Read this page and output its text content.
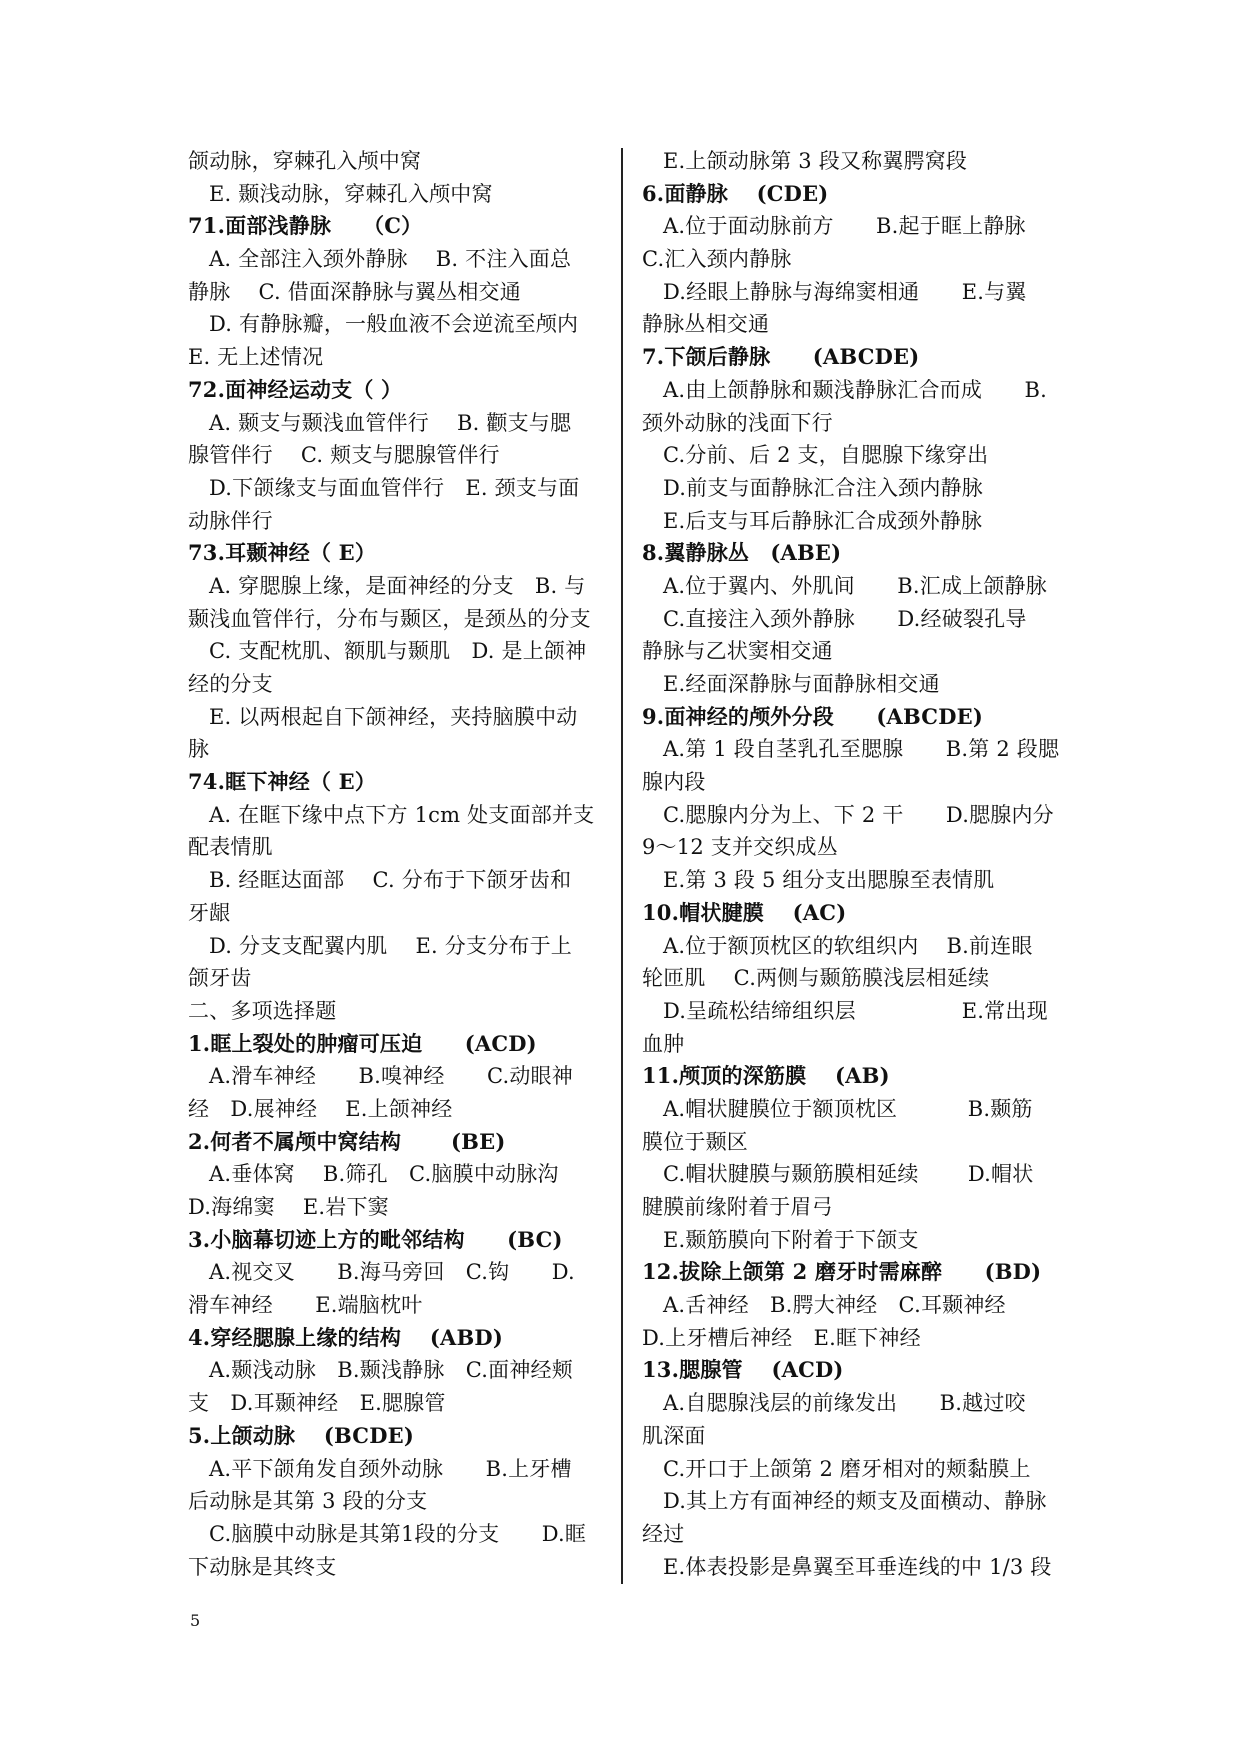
颌动脉，穿棘孔入颅中窝
E. 颞浅动脉，穿棘孔入颅中窝
71.面部浅静脉　　（C）
A. 全部注入颈外静脉　 B. 不注入面总
静脉　 C. 借面深静脉与翼丛相交通
D. 有静脉瓣，一般血液不会逆流至颅内
E. 无上述情况
72.面神经运动支（ ）
A. 颞支与颞浅血管伴行　 B. 颧支与腮
腺管伴行　 C. 颊支与腮腺管伴行
D.下颌缘支与面血管伴行　E. 颈支与面
动脉伴行
73.耳颞神经（ E）
A. 穿腮腺上缘，是面神经的分支　B. 与
颞浅血管伴行，分布与颞区，是颈丛的分支
C. 支配枕肌、额肌与颞肌　D. 是上颌神
经的分支
E. 以两根起自下颌神经，夹持脑膜中动
脉
74.眶下神经（ E）
A. 在眶下缘中点下方 1cm 处支面部并支
配表情肌
B. 经眶达面部　 C. 分布于下颌牙齿和
牙龈
D. 分支支配翼内肌　 E. 分支分布于上
颌牙齿
二、多项选择题
1.眶上裂处的肿瘤可压迫　　(ACD)
A.滑车神经　　B.嗅神经　　C.动眼神
经　D.展神经　 E.上颌神经
2.何者不属颅中窝结构　　 (BE)
A.垂体窝　 B.筛孔　C.脑膜中动脉沟
D.海绵窦　 E.岩下窦
3.小脑幕切迹上方的毗邻结构　　(BC)
A.视交叉　　B.海马旁回　C.钩　　D.
滑车神经　　E.端脑枕叶
4.穿经腮腺上缘的结构　 (ABD)
A.颞浅动脉　B.颞浅静脉　C.面神经颊
支　D.耳颞神经　E.腮腺管
5.上颌动脉　 (BCDE)
A.平下颌角发自颈外动脉　　B.上牙槽
后动脉是其第 3 段的分支
C.脑膜中动脉是其第1段的分支　　D.眶
下动脉是其终支
E.上颌动脉第 3 段又称翼腭窝段
6.面静脉　 (CDE)
A.位于面动脉前方　　B.起于眶上静脉
C.汇入颈内静脉
D.经眼上静脉与海绵窦相通　　E.与翼
静脉丛相交通
7.下颌后静脉　　(ABCDE)
A.由上颌静脉和颞浅静脉汇合而成　　B.
颈外动脉的浅面下行
C.分前、后 2 支，自腮腺下缘穿出
D.前支与面静脉汇合注入颈内静脉
E.后支与耳后静脉汇合成颈外静脉
8.翼静脉丛　(ABE)
A.位于翼内、外肌间　　B.汇成上颌静脉
C.直接注入颈外静脉　　D.经破裂孔导
静脉与乙状窦相交通
E.经面深静脉与面静脉相交通
9.面神经的颅外分段　　(ABCDE)
A.第 1 段自茎乳孔至腮腺　　B.第 2 段腮
腺内段
C.腮腺内分为上、下 2 干　　D.腮腺内分
9～12 支并交织成丛
E.第 3 段 5 组分支出腮腺至表情肌
10.帽状腱膜　 (AC)
A.位于额顶枕区的软组织内　 B.前连眼
轮匝肌　 C.两侧与颞筋膜浅层相延续
D.呈疏松结缔组织层　　　　　E.常出现
血肿
11.颅顶的深筋膜　 (AB)
A.帽状腱膜位于额顶枕区　　　 B.颞筋
膜位于颞区
C.帽状腱膜与颞筋膜相延续　　 D.帽状
腱膜前缘附着于眉弓
E.颞筋膜向下附着于下颌支
12.拔除上颌第 2 磨牙时需麻醉　　(BD)
A.舌神经　B.腭大神经　C.耳颞神经
D.上牙槽后神经　E.眶下神经
13.腮腺管　 (ACD)
A.自腮腺浅层的前缘发出　　B.越过咬
肌深面
C.开口于上颌第 2 磨牙相对的颊黏膜上
D.其上方有面神经的颊支及面横动、静脉
经过
E.体表投影是鼻翼至耳垂连线的中 1/3 段
5
